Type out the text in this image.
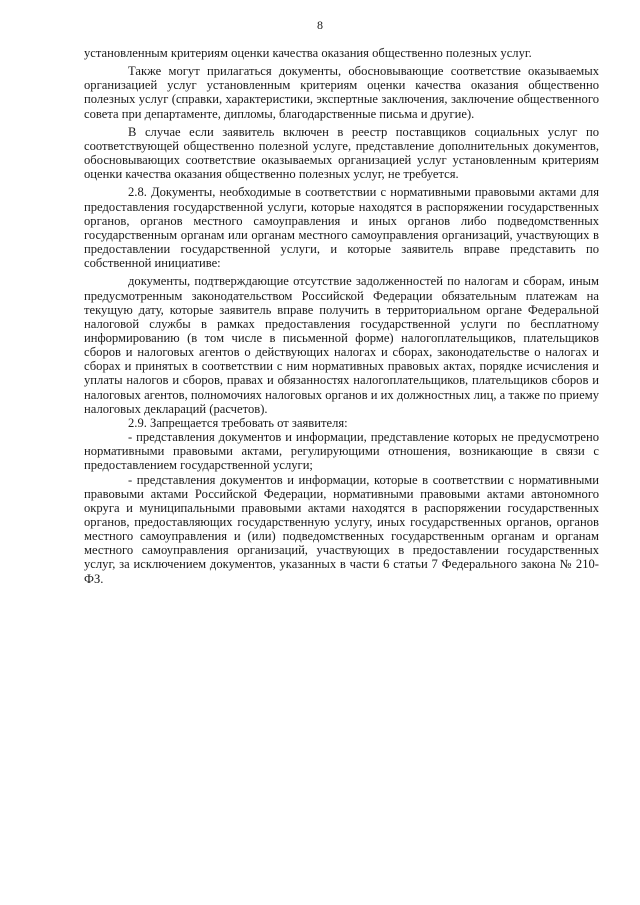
8

установленным критериям оценки качества оказания общественно полезных услуг.

Также могут прилагаться документы, обосновывающие соответствие оказываемых организацией услуг установленным критериям оценки качества оказания общественно полезных услуг (справки, характеристики, экспертные заключения, заключение общественного совета при департаменте, дипломы, благодарственные письма и другие).

В случае если заявитель включен в реестр поставщиков социальных услуг по соответствующей общественно полезной услуге, представление дополнительных документов, обосновывающих соответствие оказываемых организацией услуг установленным критериям оценки качества оказания общественно полезных услуг, не требуется.

2.8. Документы, необходимые в соответствии с нормативными правовыми актами для предоставления государственной услуги, которые находятся в распоряжении государственных органов, органов местного самоуправления и иных органов либо подведомственных государственным органам или органам местного самоуправления организаций, участвующих в предоставлении государственной услуги, и которые заявитель вправе представить по собственной инициативе:

документы, подтверждающие отсутствие задолженностей по налогам и сборам, иным предусмотренным законодательством Российской Федерации обязательным платежам на текущую дату, которые заявитель вправе получить в территориальном органе Федеральной налоговой службы в рамках предоставления государственной услуги по бесплатному информированию (в том числе в письменной форме) налогоплательщиков, плательщиков сборов и налоговых агентов о действующих налогах и сборах, законодательстве о налогах и сборах и принятых в соответствии с ним нормативных правовых актах, порядке исчисления и уплаты налогов и сборов, правах и обязанностях налогоплательщиков, плательщиков сборов и налоговых агентов, полномочиях налоговых органов и их должностных лиц, а также по приему налоговых деклараций (расчетов).

2.9. Запрещается требовать от заявителя:

- представления документов и информации, представление которых не предусмотрено нормативными правовыми актами, регулирующими отношения, возникающие в связи с предоставлением государственной услуги;

- представления документов и информации, которые в соответствии с нормативными правовыми актами Российской Федерации, нормативными правовыми актами автономного округа и муниципальными правовыми актами находятся в распоряжении государственных органов, предоставляющих государственную услугу, иных государственных органов, органов местного самоуправления и (или) подведомственных государственным органам и органам местного самоуправления организаций, участвующих в предоставлении государственных услуг, за исключением документов, указанных в части 6 статьи 7 Федерального закона № 210-ФЗ.
